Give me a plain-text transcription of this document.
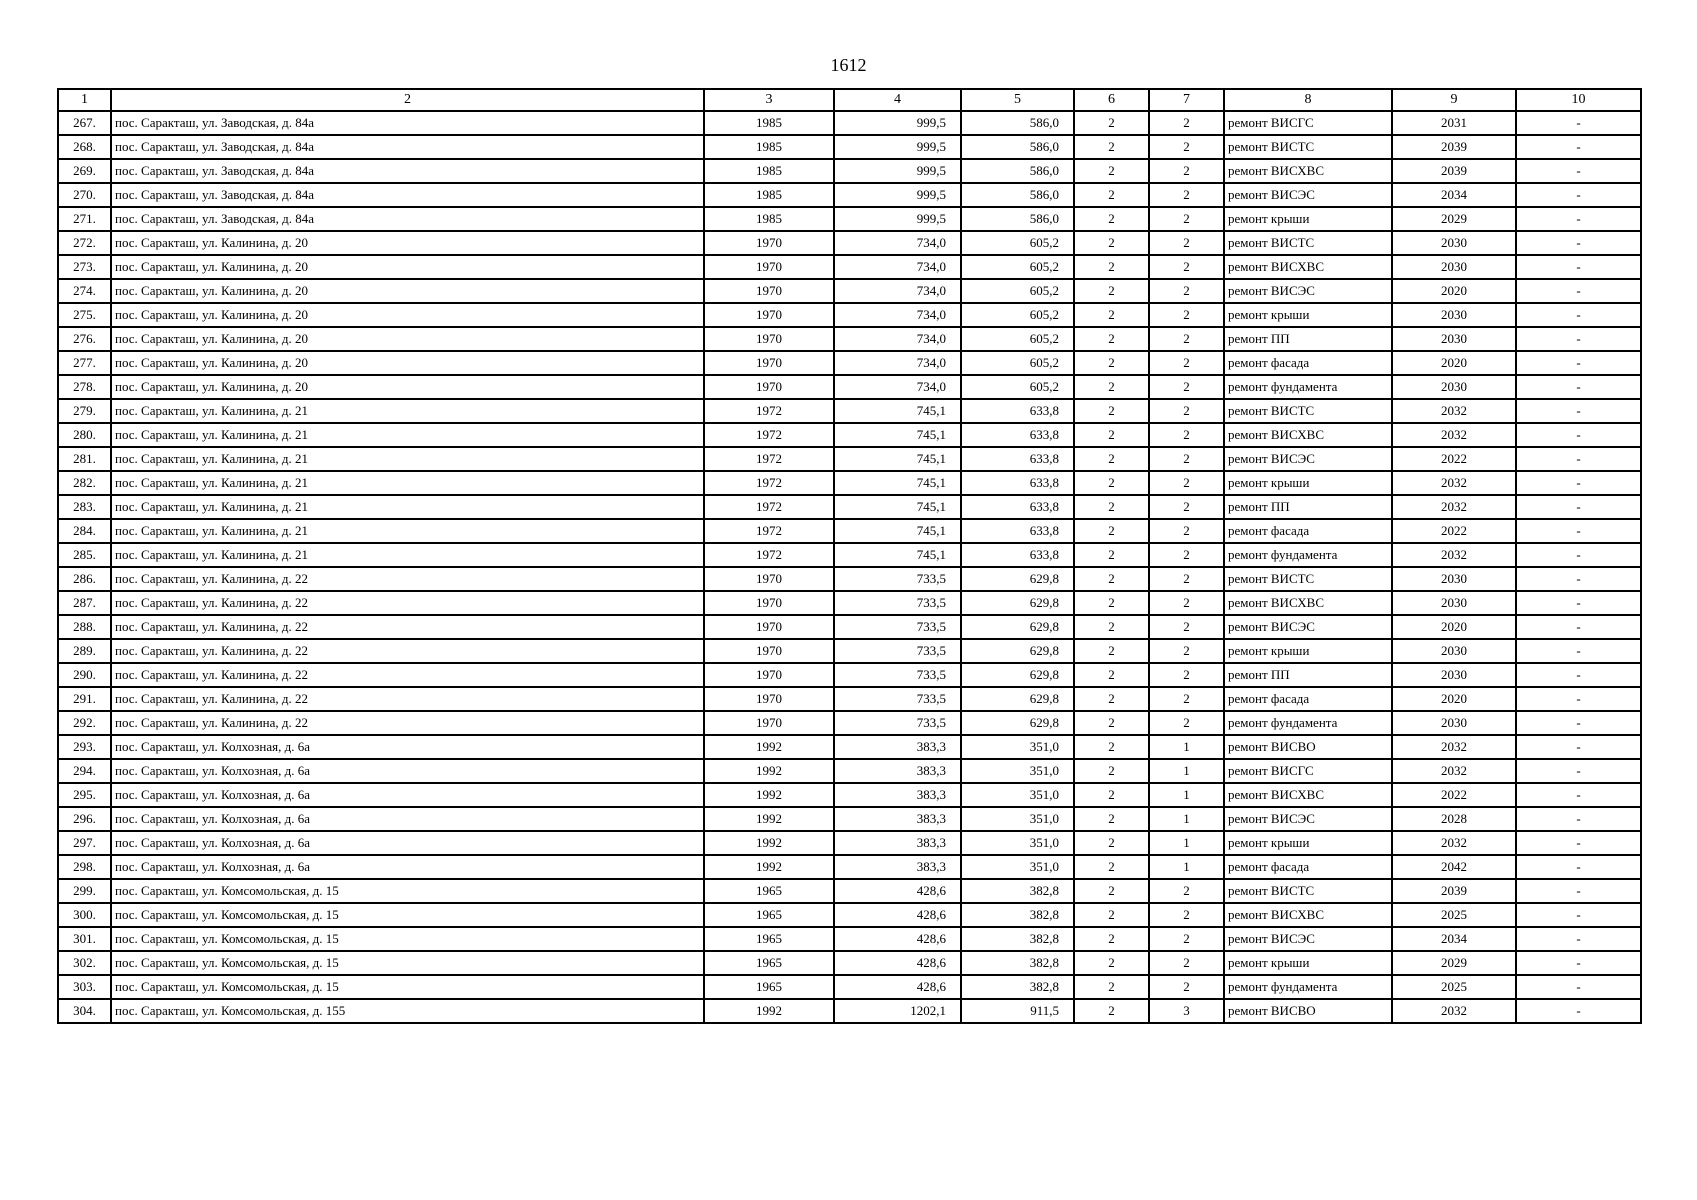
1612
1	2	3	4	5	6	7	8	9	10
267.	пос. Саракташ, ул. Заводская, д. 84а	1985	999,5	586,0	2	2	ремонт ВИСГС	2031	-
268.	пос. Саракташ, ул. Заводская, д. 84а	1985	999,5	586,0	2	2	ремонт ВИСТС	2039	-
269.	пос. Саракташ, ул. Заводская, д. 84а	1985	999,5	586,0	2	2	ремонт ВИСХВС	2039	-
270.	пос. Саракташ, ул. Заводская, д. 84а	1985	999,5	586,0	2	2	ремонт ВИСЭС	2034	-
271.	пос. Саракташ, ул. Заводская, д. 84а	1985	999,5	586,0	2	2	ремонт крыши	2029	-
272.	пос. Саракташ, ул. Калинина, д. 20	1970	734,0	605,2	2	2	ремонт ВИСТС	2030	-
273.	пос. Саракташ, ул. Калинина, д. 20	1970	734,0	605,2	2	2	ремонт ВИСХВС	2030	-
274.	пос. Саракташ, ул. Калинина, д. 20	1970	734,0	605,2	2	2	ремонт ВИСЭС	2020	-
275.	пос. Саракташ, ул. Калинина, д. 20	1970	734,0	605,2	2	2	ремонт крыши	2030	-
276.	пос. Саракташ, ул. Калинина, д. 20	1970	734,0	605,2	2	2	ремонт ПП	2030	-
277.	пос. Саракташ, ул. Калинина, д. 20	1970	734,0	605,2	2	2	ремонт фасада	2020	-
278.	пос. Саракташ, ул. Калинина, д. 20	1970	734,0	605,2	2	2	ремонт фундамента	2030	-
279.	пос. Саракташ, ул. Калинина, д. 21	1972	745,1	633,8	2	2	ремонт ВИСТС	2032	-
280.	пос. Саракташ, ул. Калинина, д. 21	1972	745,1	633,8	2	2	ремонт ВИСХВС	2032	-
281.	пос. Саракташ, ул. Калинина, д. 21	1972	745,1	633,8	2	2	ремонт ВИСЭС	2022	-
282.	пос. Саракташ, ул. Калинина, д. 21	1972	745,1	633,8	2	2	ремонт крыши	2032	-
283.	пос. Саракташ, ул. Калинина, д. 21	1972	745,1	633,8	2	2	ремонт ПП	2032	-
284.	пос. Саракташ, ул. Калинина, д. 21	1972	745,1	633,8	2	2	ремонт фасада	2022	-
285.	пос. Саракташ, ул. Калинина, д. 21	1972	745,1	633,8	2	2	ремонт фундамента	2032	-
286.	пос. Саракташ, ул. Калинина, д. 22	1970	733,5	629,8	2	2	ремонт ВИСТС	2030	-
287.	пос. Саракташ, ул. Калинина, д. 22	1970	733,5	629,8	2	2	ремонт ВИСХВС	2030	-
288.	пос. Саракташ, ул. Калинина, д. 22	1970	733,5	629,8	2	2	ремонт ВИСЭС	2020	-
289.	пос. Саракташ, ул. Калинина, д. 22	1970	733,5	629,8	2	2	ремонт крыши	2030	-
290.	пос. Саракташ, ул. Калинина, д. 22	1970	733,5	629,8	2	2	ремонт ПП	2030	-
291.	пос. Саракташ, ул. Калинина, д. 22	1970	733,5	629,8	2	2	ремонт фасада	2020	-
292.	пос. Саракташ, ул. Калинина, д. 22	1970	733,5	629,8	2	2	ремонт фундамента	2030	-
293.	пос. Саракташ, ул. Колхозная, д. 6а	1992	383,3	351,0	2	1	ремонт ВИСВО	2032	-
294.	пос. Саракташ, ул. Колхозная, д. 6а	1992	383,3	351,0	2	1	ремонт ВИСГС	2032	-
295.	пос. Саракташ, ул. Колхозная, д. 6а	1992	383,3	351,0	2	1	ремонт ВИСХВС	2022	-
296.	пос. Саракташ, ул. Колхозная, д. 6а	1992	383,3	351,0	2	1	ремонт ВИСЭС	2028	-
297.	пос. Саракташ, ул. Колхозная, д. 6а	1992	383,3	351,0	2	1	ремонт крыши	2032	-
298.	пос. Саракташ, ул. Колхозная, д. 6а	1992	383,3	351,0	2	1	ремонт фасада	2042	-
299.	пос. Саракташ, ул. Комсомольская, д. 15	1965	428,6	382,8	2	2	ремонт ВИСТС	2039	-
300.	пос. Саракташ, ул. Комсомольская, д. 15	1965	428,6	382,8	2	2	ремонт ВИСХВС	2025	-
301.	пос. Саракташ, ул. Комсомольская, д. 15	1965	428,6	382,8	2	2	ремонт ВИСЭС	2034	-
302.	пос. Саракташ, ул. Комсомольская, д. 15	1965	428,6	382,8	2	2	ремонт крыши	2029	-
303.	пос. Саракташ, ул. Комсомольская, д. 15	1965	428,6	382,8	2	2	ремонт фундамента	2025	-
304.	пос. Саракташ, ул. Комсомольская, д. 155	1992	1202,1	911,5	2	3	ремонт ВИСВО	2032	-
